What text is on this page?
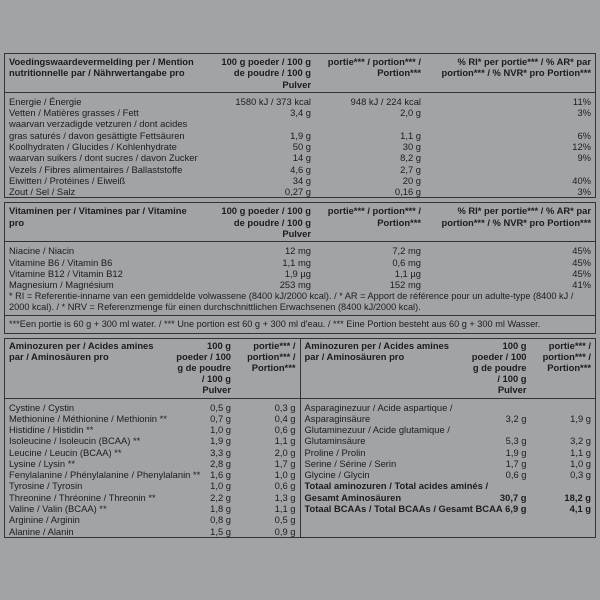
Voedingswaardevermelding per / Mention nutritionnelle par / Nährwertangabe pro	100 g poeder / 100 g de poudre / 100 g Pulver	portie*** / portion*** / Portion***	% RI* per portie*** / % AR* par portion*** / % NVR* pro Portion***
Energie / Énergie	1580 kJ / 373 kcal	948 kJ / 224 kcal	11%
Vetten / Matières grasses / Fett	3,4 g	2,0 g	3%
waarvan verzadigde vetzuren / dont acides			
gras saturés / davon gesättigte Fettsäuren	1,9 g	1,1 g	6%
Koolhydraten / Glucides / Kohlenhydrate	50 g	30 g	12%
waarvan suikers / dont sucres / davon Zucker	14 g	8,2 g	9%
Vezels / Fibres alimentaires / Ballaststoffe	4,6 g	2,7 g	
Eiwitten / Protéines / Eiweiß	34 g	20 g	40%
Zout / Sel / Salz	0,27 g	0,16 g	3%
Vitaminen per / Vitamines par / Vitamine pro	100 g poeder / 100 g de poudre / 100 g Pulver	portie*** / portion*** / Portion***	% RI* per portie*** / % AR* par portion*** / % NVR* pro Portion***
Niacine / Niacin	12 mg	7,2 mg	45%
Vitamine B6 / Vitamin B6	1,1 mg	0,6 mg	45%
Vitamine B12 / Vitamin B12	1,9 µg	1,1 µg	45%
Magnesium / Magnésium	253 mg	152 mg	41%
* RI = Referentie-inname van een gemiddelde volwassene (8400 kJ/2000 kcal). / * AR = Apport de référence pour un adulte-type (8400 kJ / 2000 kcal). / * NRV = Referenzmenge für einen durchschnittlichen Erwachsenen (8400 kJ/2000 kcal).
***Een portie is 60 g + 300 ml water. / *** Une portion est 60 g + 300 ml d'eau. / *** Eine Portion besteht aus 60 g + 300 ml Wasser.
Aminozuren per / Acides amines par / Aminosäuren pro	100 g poeder / 100 g de poudre / 100 g Pulver	portie*** / portion*** / Portion***
Cystine / Cystin	0,5 g	0,3 g
Methionine / Méthionine / Methionin **	0,7 g	0,4 g
Histidine / Histidin **	1,0 g	0,6 g
Isoleucine / Isoleucin (BCAA) **	1,9 g	1,1 g
Leucine / Leucin (BCAA) **	3,3 g	2,0 g
Lysine / Lysin **	2,8 g	1,7 g
Fenylalanine / Phénylalanine / Phenylalanin **	1,6 g	1,0 g
Tyrosine / Tyrosin	1,0 g	0,6 g
Threonine / Thréonine / Threonin **	2,2 g	1,3 g
Valine / Valin (BCAA) **	1,8 g	1,1 g
Arginine / Arginin	0,8 g	0,5 g
Alanine / Alanin	1,5 g	0,9 g
Aminozuren per / Acides amines par / Aminosäuren pro	100 g poeder / 100 g de poudre / 100 g Pulver	portie*** / portion*** / Portion***
Asparaginezuur / Acide aspartique /		
Asparaginsäure	3,2 g	1,9 g
Glutaminezuur / Acide glutamique /		
Glutaminsäure	5,3 g	3,2 g
Proline / Prolin	1,9 g	1,1 g
Serine / Sérine / Serin	1,7 g	1,0 g
Glycine / Glycin	0,6 g	0,3 g
Totaal aminozuren / Total acides aminés /		
Gesamt Aminosäuren	30,7 g	18,2 g
Totaal BCAAs / Total BCAAs / Gesamt BCAA	6,9 g	4,1 g
